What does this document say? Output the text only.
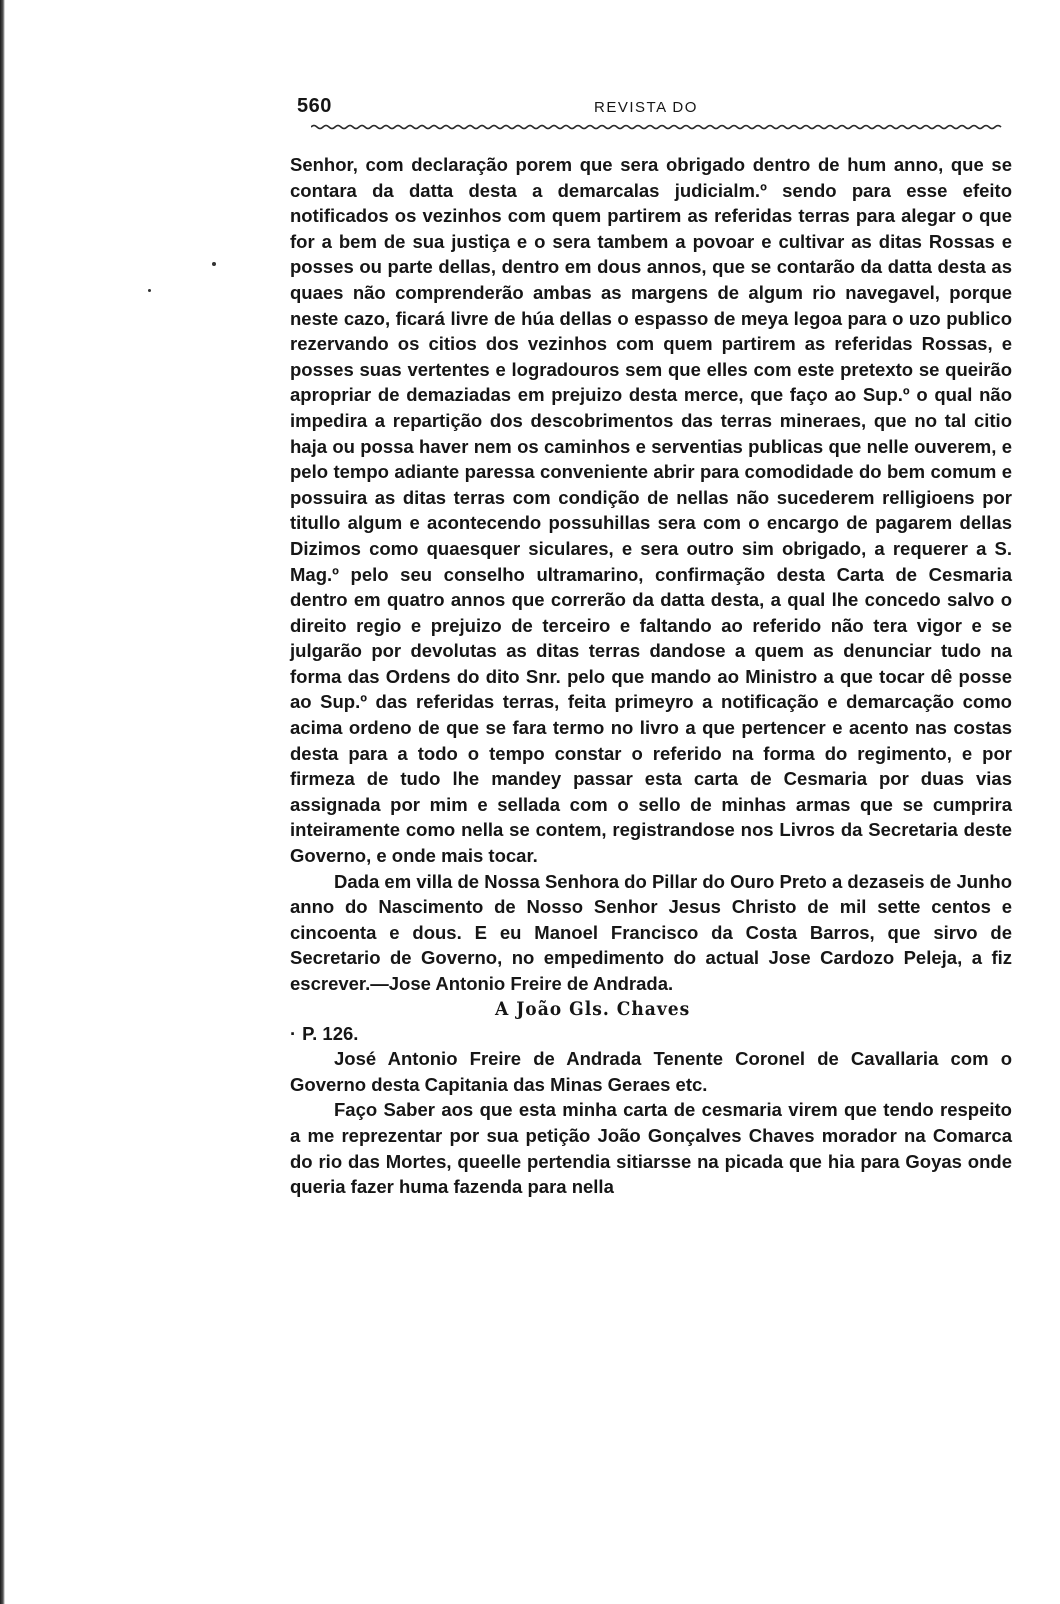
560	REVISTA DO

Senhor, com declaração porem que sera obrigado dentro de hum anno, que se contara da datta desta a demarcalas judicialm.º sendo para esse efeito notificados os vezinhos com quem partirem as referidas terras para alegar o que for a bem de sua justiça e o sera tambem a povoar e cultivar as ditas Rossas e posses ou parte dellas, dentro em dous annos, que se contarão da datta desta as quaes não comprenderão ambas as margens de algum rio navegavel, porque neste cazo, ficará livre de húa dellas o espasso de meya legoa para o uzo publico rezervando os citios dos vezinhos com quem partirem as referidas Rossas, e posses suas vertentes e logradouros sem que elles com este pretexto se queirão apropriar de demaziadas em prejuizo desta merce, que faço ao Sup.º o qual não impedira a repartição dos descobrimentos das terras mineraes, que no tal citio haja ou possa haver nem os caminhos e serventias publicas que nelle ouverem, e pelo tempo adiante paressa conveniente abrir para comodidade do bem comum e possuira as ditas terras com condição de nellas não sucederem relligioens por titullo algum e acontecendo possuhillas sera com o encargo de pagarem dellas Dizimos como quaesquer siculares, e sera outro sim obrigado, a requerer a S. Mag.º pelo seu conselho ultramarino, confirmação desta Carta de Cesmaria dentro em quatro annos que correrão da datta desta, a qual lhe concedo salvo o direito regio e prejuizo de terceiro e faltando ao referido não tera vigor e se julgarão por devolutas as ditas terras dandose a quem as denunciar tudo na forma das Ordens do dito Snr. pelo que mando ao Ministro a que tocar dê posse ao Sup.º das referidas terras, feita primeyro a notificação e demarcação como acima ordeno de que se fara termo no livro a que pertencer e acento nas costas desta para a todo o tempo constar o referido na forma do regimento, e por firmeza de tudo lhe mandey passar esta carta de Cesmaria por duas vias assignada por mim e sellada com o sello de minhas armas que se cumprira inteiramente como nella se contem, registrandose nos Livros da Secretaria deste Governo, e onde mais tocar.

Dada em villa de Nossa Senhora do Pillar do Ouro Preto a dezaseis de Junho anno do Nascimento de Nosso Senhor Jesus Christo de mil sette centos e cincoenta e dous. E eu Manoel Francisco da Costa Barros, que sirvo de Secretario de Governo, no empedimento do actual Jose Cardozo Peleja, a fiz escrever.—Jose Antonio Freire de Andrada.

A João Gls. Chaves

· P. 126.

José Antonio Freire de Andrada Tenente Coronel de Cavallaria com o Governo desta Capitania das Minas Geraes etc.

Faço Saber aos que esta minha carta de cesmaria virem que tendo respeito a me reprezentar por sua petição João Gonçalves Chaves morador na Comarca do rio das Mortes, queelle pertendia sitiarsse na picada que hia para Goyas onde queria fazer huma fazenda para nella
